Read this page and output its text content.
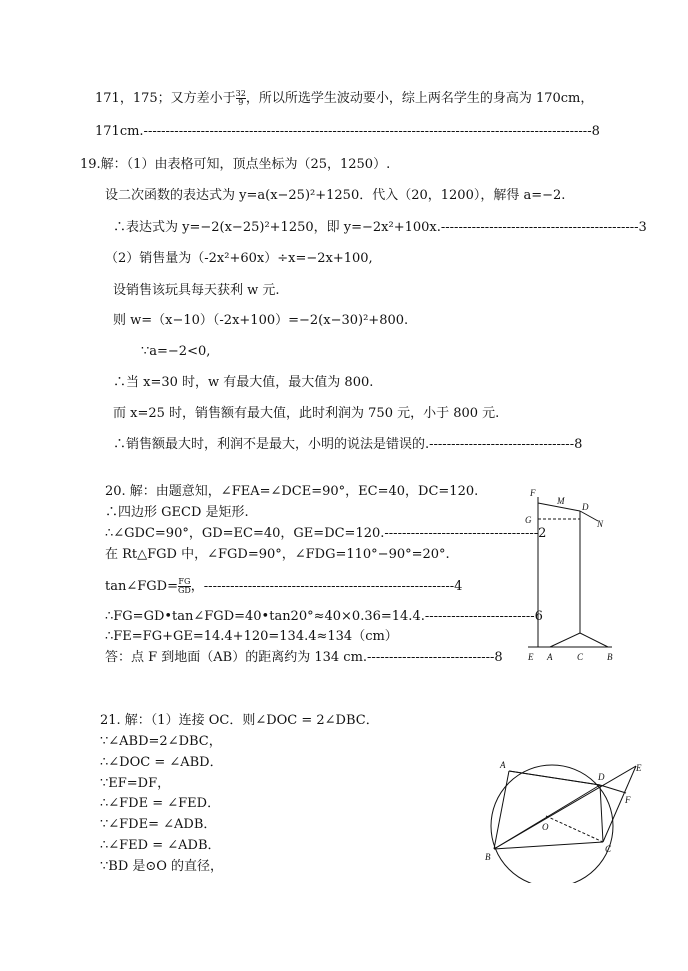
171，175；又方差小于 $\frac{32}{9}$ ，所以所选学生波动要小，综上两名学生的身高为 170cm，
171cm.------------------------------------------------------------------------------------------------------8
19.解：（1）由表格可知，顶点坐标为（25，1250）.
设二次函数的表达式为 y=a(x−25)²+1250．代入（20，1200），解得 a=−2.
∴表达式为 y=−2(x−25)²+1250，即 y=−2x²+100x.---------------------------------------------3
（2）销售量为（-2x²+60x）÷x=−2x+100,
设销售该玩具每天获利 w 元.
则 w=（x−10）（-2x+100）=−2(x−30)²+800.
∵a=−2<0,
∴当 x=30 时，w 有最大值，最大值为 800.
而 x=25 时，销售额有最大值，此时利润为 750 元，小于 800 元.
∴销售额最大时，利润不是最大，小明的说法是错误的.---------------------------------8
20. 解：由题意知，∠FEA=∠DCE=90°，EC=40，DC=120.
∴四边形 GECD 是矩形.
∴∠GDC=90°，GD=EC=40，GE=DC=120.-----------------------------------2
在 Rt△FGD 中，∠FGD=90°，∠FDG=110°−90°=20°.
tan∠FGD= $\frac{FG}{GD}$ ，---------------------------------------------------------4
∴FG=GD•tan∠FGD=40•tan20°≈40×0.36=14.4.-------------------------6
∴FE=FG+GE=14.4+120=134.4≈134（cm）
答：点 F 到地面（AB）的距离约为 134 cm.-----------------------------8
F
M
D
N
G
E A	C	B
21. 解：（1）连接 OC．则∠DOC = 2∠DBC．
∵∠ABD=2∠DBC，
∴∠DOC = ∠ABD．
∵EF=DF，
∴∠FDE = ∠FED．
∵∠FDE= ∠ADB．
∴∠FED = ∠ADB．
∵BD 是⊙O 的直径，
A
D
E
F
O
B
C
